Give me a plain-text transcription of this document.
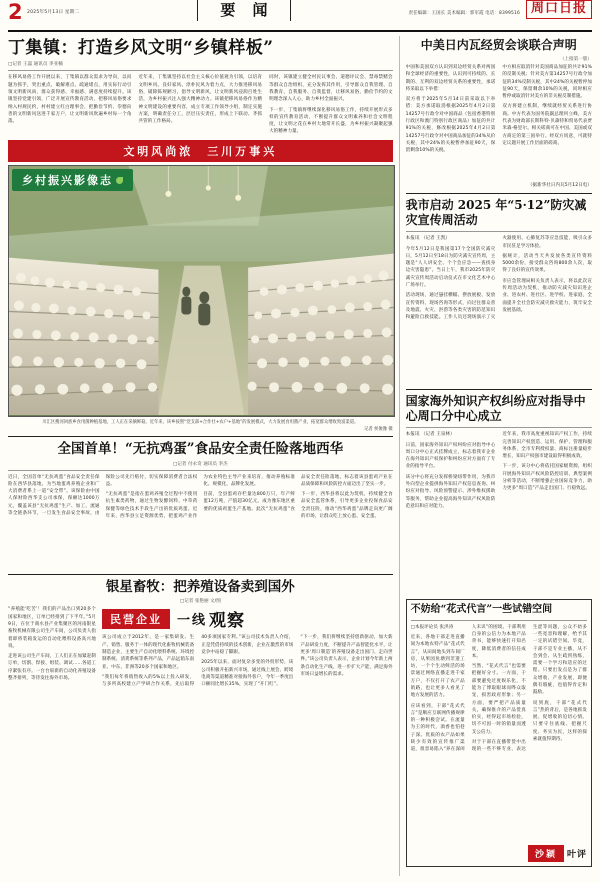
2 2025年5月13日 星期二	要 闻	责任编辑：王国长 美术编辑：郭军霞 电话：8399516 周口日报
丁集镇：打造乡风文明“乡镇样板”
□记者 王磊 通讯员 李亚楠

在移风易俗工作开展以来，丁集镇以群众需求为导向，以问题为抓手，突出重点、破解难点、疏通堵点，用实际行动引领文明新风尚，群众获得感、幸福感、满意度持续提升。该镇坚持党建引领，广泛开展宣传教育活动，把移风易俗要求纳入村规民约，村村建立红白理事会，把勤俭节约、崇德向善的文明新风送进千家万户，让文明新风吹遍乡村每一个角落。

近年来，丁集镇坚持以社会主义核心价值观为引领，以培育文明乡风、良好家风、淳朴民风为着力点，大力推进移风易俗，破除陈规陋习，倡导文明新风，让文明新风浸润百姓生活，为乡村振兴注入强大精神动力。该镇把移风易俗作为精神文明建设的重要内容，成立专项工作领导小组，制定实施方案，明确责任分工，层层压实责任，形成上下联动、齐抓共管的工作格局。

同时，该镇建立健全村民议事会、道德评议会、禁毒禁赌会等群众自治组织，充分发挥其作用，引导群众自我管理、自我教育、自我服务、自我监督，让移风易俗、勤俭节约的文明理念深入人心，助力乡村全面振兴。

下一步，丁集镇将继续深化移风易俗工作，持续开展形式多样的宣传教育活动，不断提升群众文明素养和社会文明程度，让文明之花在乡村大地常开长盛，为乡村振兴凝聚起强大的精神力量。

文明风尚浓　三川万事兴
乡村振兴影像志
川汇区搜河回族乡食用菌种植基地，工人正在采摘鲜菇。近年来，该乡按照“党支部+合作社+农户+基地”的发展模式，大力发展食用菌产业，拓宽群众增收致富渠道。
记者 侯俊豫 摄
全国首单！“无抗鸡蛋”食品安全责任险落地西华
□记者 付永奇 通讯员 李杰

近日，全国首单“无抗鸡蛋”食品安全责任保险在西华县落地，为当地蛋鸡养殖企业和广大消费者系上一道“安全带”。该保险由中国人保财险西华支公司承保，保额达1000万元，覆盖该县“无抗鸡蛋”生产、加工、流通等全链条环节，一旦发生食品安全事故，由保险公司先行赔付，切实保障消费者合法权益。

“无抗鸡蛋”是指在蛋鸡养殖全过程中不使用抗生素类药物，通过生物发酵饲料、中草药保健等绿色技术手段生产出的优质鸡蛋。近年来，西华县立足资源优势，把蛋鸡产业作为农业特色主导产业来培育，推动养殖标准化、规模化、品牌化发展。

目前，全县蛋鸡存栏量达800万只，年产鲜蛋12万吨，产值超30亿元，成为豫东地区重要的优质鸡蛋生产基地。此次“无抗鸡蛋”食品安全责任险落地，标志着该县蛋鸡产业在品质保障和风险防控方面迈出了坚实一步。

下一步，西华县将以此为契机，持续健全食品安全监管体系，引导更多企业投保食品安全责任险，推动“西华鸡蛋”品牌走向更广阔的市场，让群众吃上放心蛋、安全蛋。

银星畜牧：把养殖设备卖到国外
□记者 张艳丽 文/图

“养殖能‘吃苦’！我们的产品出口到20多个国家和地区，订单已经排到了下半年。”5月9日，在位于商水县产业集聚区的河南银星畜牧机械有限公司生产车间，公司负责人指着即将装箱发运的自动化喂料设备高兴地说。

走进该公司生产车间，工人们正在加紧赶制订单，切割、焊接、组装、调试……各道工序紧张有序。一台台崭新的自动化养殖设备整齐排列，等待发往海外市场。

民营企业	一线 观察

该公司成立于2012年，是一家集研发、生产、销售、服务于一体的现代化畜牧机械装备制造企业，主要生产自动化喂料系统、环境控制系统、清粪系统等系列产品，产品远销东南亚、中东、非洲等20多个国家和地区。

“我们每年将销售收入的5%以上投入研发，与多所高校建立产学研合作关系，先后取得40多项国家专利。”该公司技术负责人介绍，正是凭借持续的技术创新，企业在激烈的市场竞争中站稳了脚跟。

2025年以来，面对复杂多变的外贸形势，该公司积极开拓新兴市场，通过线上展会、跨境电商等渠道精准对接海外客户，今年一季度出口额同比增长35%，实现了“开门红”。

“下一步，我们将继续坚持创新驱动，加大新产品研发力度，不断提升产品智能化水平，让更多‘周口制造’的养殖设备走出国门、走向世界。”该公司负责人表示，企业计划今年新上两条自动化生产线，进一步扩大产能，满足海外市场日益增长的需求。

中美日内瓦经贸会谈联合声明
（上接第一版）

中国和美国双方认识到双边经贸关系对两国和全球经济的重要性，认识到可持续的、长期的、互利的双边经贸关系的重要性，承诺将采取以下举措：

双方将于2025年5月14日前采取以下举措：美方承诺取消根据2025年4月2日第14257号行政令对中国商品（包括香港特别行政区和澳门特别行政区商品）加征的共计91%的关税，修改根据2025年4月2日第14257号行政令对中国商品加征的34%从价关税，其中24%的关税暂停加征90天，保留剩余10%的关税。

中方相应取消针对美国商品加征的共计91%的反制关税；针对美方第14257号行政令加征的34%反制关税，其中24%的关税暂停加征90天，保留剩余10%的关税，同时相应暂停或取消针对美方的非关税反制措施。

双方将建立机制，继续就经贸关系进行协商。中方代表为国务院副总理何立峰，美方代表为财政部长斯科特·贝森特和贸易代表贾米森·格里尔。相关磋商可在中国、美国或双方商定的第三国举行。经双方同意，可就特定议题开展工作层面的磋商。

（据新华社日内瓦5月12日电）
我市启动 2025 年“5·12”防灾减灾宣传周活动

本报讯 （记者 王凯）

今年5月12日是我国第17个全国防灾减灾日，5月12日至18日为防灾减灾宣传周，主题是“人人讲安全、个个会应急——查找身边灾害隐患”。当日上午，我市2025年防灾减灾宣传周活动启动仪式在市文化艺术中心广场举行。

活动现场，通过悬挂横幅、摆放展板、发放宣传资料、现场咨询等形式，向过往群众普及地震、火灾、洪涝等各类灾害的防范知识和避险自救技能。工作人员还现场演示了灭火器使用、心肺复苏等应急技能，吸引众多市民驻足学习体验。

据统计，活动当天共发放各类宣传资料5000余份，接受群众咨询800余人次，取得了良好的宣传效果。

市应急管理局相关负责人表示，将以此次宣传周活动为契机，推动防灾减灾知识进企业、进农村、进社区、进学校、进家庭，全面提升全社会防灾减灾救灾能力，筑牢安全发展基础。

国家海外知识产权纠纷应对指导中心周口分中心成立

本报讯 （记者 王泉林）

日前，国家海外知识产权纠纷应对指导中心周口分中心正式挂牌成立，标志着我市企业在海外知识产权保护和纠纷应对方面有了专业的指导平台。

该分中心将充分发挥桥梁纽带作用，为我市外向型企业提供海外知识产权信息查询、纠纷应对指导、风险预警提示、涉外维权援助等服务，帮助企业提高海外知识产权风险防范意识和应对能力。

近年来，我市高度重视知识产权工作，持续完善知识产权创造、运用、保护、管理和服务体系，全市专利授权量、商标注册量稳步增长，知识产权强市建设取得积极成效。

下一步，该分中心将依托国家级资源，组织开展海外知识产权风险防控培训、典型案例分析等活动，不断增强企业国际竞争力，助力更多“周口造”产品走出国门、行稳致远。

不妨给“花式代言”一些试错空间

□本报评论员 张洪涛

近来，各地干部走进直播间为本地农特产品“花式代言”，从田间地头到车间厂房，从果园鱼塘到非遗工坊，一个个生动鲜活的场景通过网络直播走进千家万户，不仅打开了农产品销路，也让更多人看见了地方发展的活力。

应该看到，干部“花式代言”是顺应互联网传播规律的一种积极尝试。在流量为王的时代，酒香也怕巷子深。优质的农产品如果缺少有效的宣传推广渠道，很容易陷入“养在深闺人未识”的困境。干部利用自身的公信力为本地产品背书，能够快速打开知名度，降低消费者的信任成本。

当然，“花式代言”也需要把握好分寸。一方面，干部要避免过度娱乐化，不能为了博取眼球而哗众取宠，损害政府形象；另一方面，要严把产品质量关，确保推介的产品货真价实，经得起市场检验，切不可因一时的销量而透支公信力。

对于干部在直播带货中出现的一些不够专业、表达生涩等问题，公众不妨多一些宽容和理解，给予其一定的试错空间。毕竟，干部不是专业主播，从不会到会、从生疏到熟练，需要一个学习和适应的过程。只要出发点是为了群众增收、产业发展，即便偶有瑕疵，也值得肯定和鼓励。

说到底，干部“花式代言”热的背后，是各地抓发展、促增收的迫切心情。只要守住底线、把握尺度、务实为民，这样的探索就值得期待。

沙颍	叶评
